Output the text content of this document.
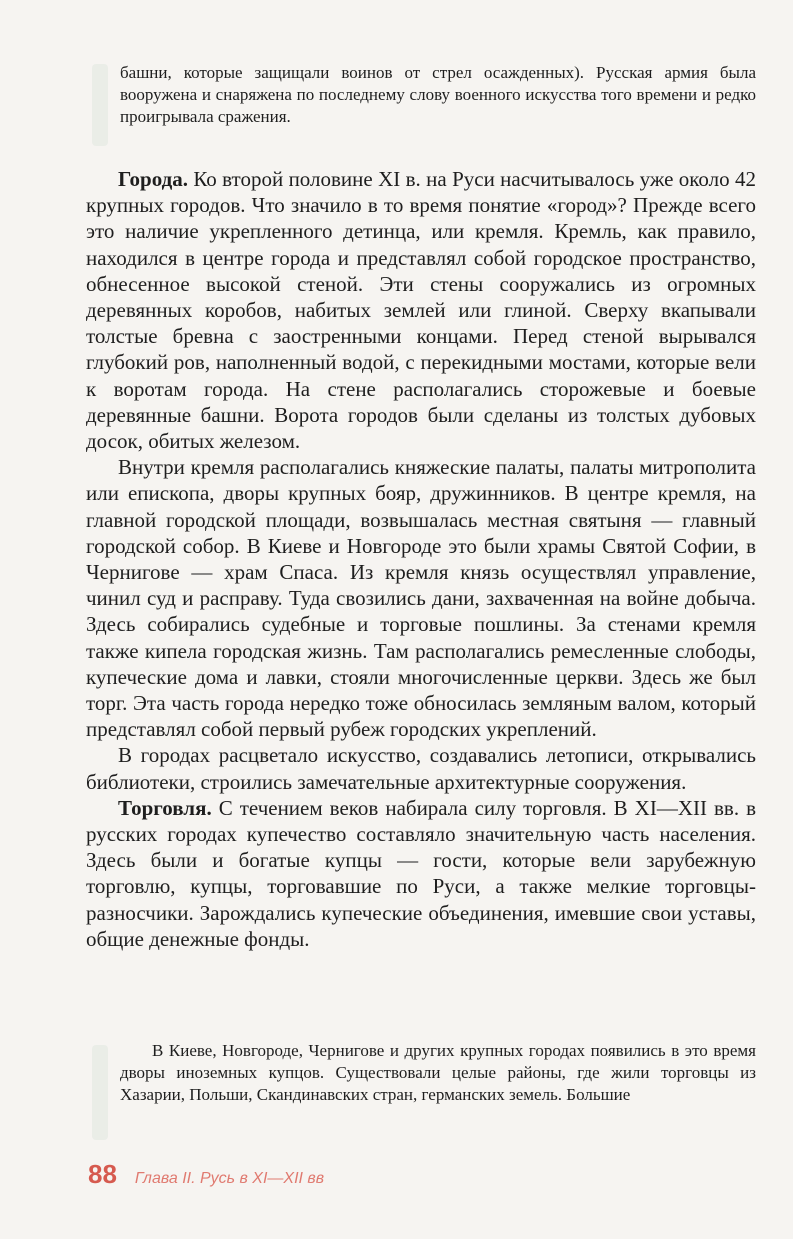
башни, которые защищали воинов от стрел осажденных). Русская армия была вооружена и снаряжена по последнему слову военного искусства того времени и редко проигрывала сражения.

Города. Ко второй половине XI в. на Руси насчитывалось уже около 42 крупных городов. Что значило в то время понятие «город»? Прежде всего это наличие укрепленного детинца, или кремля. Кремль, как правило, находился в центре города и представлял собой городское пространство, обнесенное высокой стеной. Эти стены сооружались из огромных деревянных коробов, набитых землей или глиной. Сверху вкапывали толстые бревна с заостренными концами. Перед стеной вырывался глубокий ров, наполненный водой, с перекидными мостами, которые вели к воротам города. На стене располагались сторожевые и боевые деревянные башни. Ворота городов были сделаны из толстых дубовых досок, обитых железом.

Внутри кремля располагались княжеские палаты, палаты митрополита или епископа, дворы крупных бояр, дружинников. В центре кремля, на главной городской площади, возвышалась местная святыня — главный городской собор. В Киеве и Новгороде это были храмы Святой Софии, в Чернигове — храм Спаса. Из кремля князь осуществлял управление, чинил суд и расправу. Туда свозились дани, захваченная на войне добыча. Здесь собирались судебные и торговые пошлины. За стенами кремля также кипела городская жизнь. Там располагались ремесленные слободы, купеческие дома и лавки, стояли многочисленные церкви. Здесь же был торг. Эта часть города нередко тоже обносилась земляным валом, который представлял собой первый рубеж городских укреплений.

В городах расцветало искусство, создавались летописи, открывались библиотеки, строились замечательные архитектурные сооружения.

Торговля. С течением веков набирала силу торговля. В XI—XII вв. в русских городах купечество составляло значительную часть населения. Здесь были и богатые купцы — гости, которые вели зарубежную торговлю, купцы, торговавшие по Руси, а также мелкие торговцы-разносчики. Зарождались купеческие объединения, имевшие свои уставы, общие денежные фонды.

В Киеве, Новгороде, Чернигове и других крупных городах появились в это время дворы иноземных купцов. Существовали целые районы, где жили торговцы из Хазарии, Польши, Скандинавских стран, германских земель. Большие

88 Глава II. Русь в XI—XII вв
